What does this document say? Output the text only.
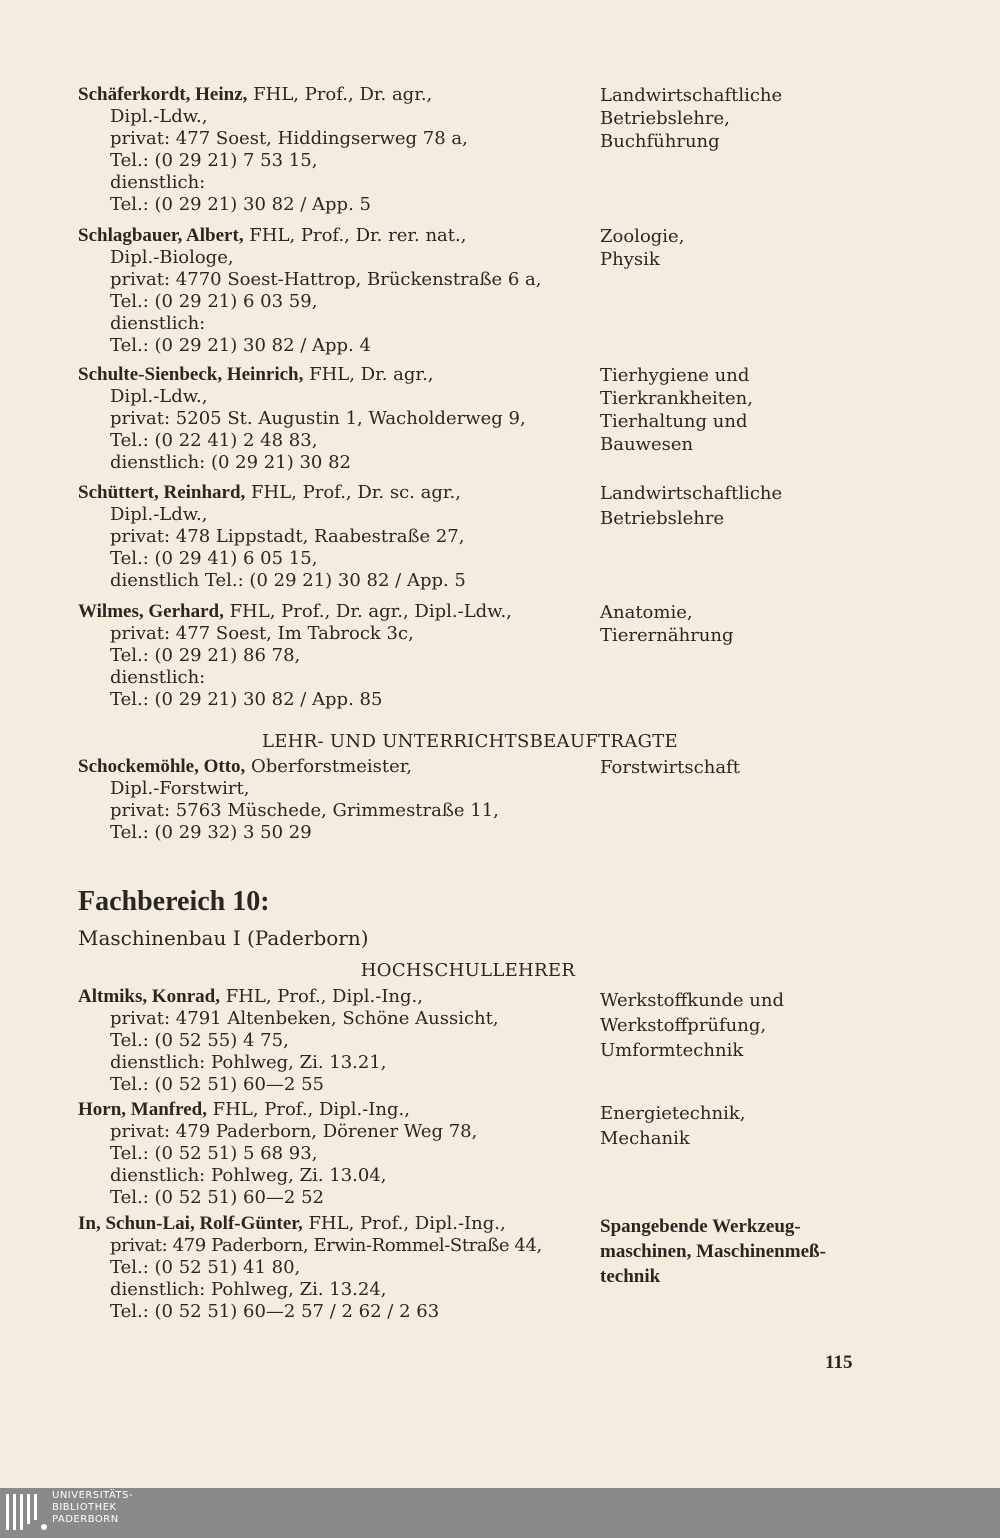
Schäferkordt, Heinz, FHL, Prof., Dr. agr.,
Dipl.-Ldw.,
privat: 477 Soest, Hiddingserweg 78 a,
Tel.: (0 29 21) 7 53 15,
dienstlich:
Tel.: (0 29 21) 30 82 / App. 5
Landwirtschaftliche
Betriebslehre,
Buchführung
Schlagbauer, Albert, FHL, Prof., Dr. rer. nat.,
Dipl.-Biologe,
privat: 4770 Soest-Hattrop, Brückenstraße 6 a,
Tel.: (0 29 21) 6 03 59,
dienstlich:
Tel.: (0 29 21) 30 82 / App. 4
Zoologie,
Physik
Schulte-Sienbeck, Heinrich, FHL, Dr. agr.,
Dipl.-Ldw.,
privat: 5205 St. Augustin 1, Wacholderweg 9,
Tel.: (0 22 41) 2 48 83,
dienstlich: (0 29 21) 30 82
Tierhygiene und
Tierkrankheiten,
Tierhaltung und
Bauwesen
Schüttert, Reinhard, FHL, Prof., Dr. sc. agr.,
Dipl.-Ldw.,
privat: 478 Lippstadt, Raabestraße 27,
Tel.: (0 29 41) 6 05 15,
dienstlich Tel.: (0 29 21) 30 82 / App. 5
Landwirtschaftliche
Betriebslehre
Wilmes, Gerhard, FHL, Prof., Dr. agr., Dipl.-Ldw.,
privat: 477 Soest, Im Tabrock 3c,
Tel.: (0 29 21) 86 78,
dienstlich:
Tel.: (0 29 21) 30 82 / App. 85
Anatomie,
Tierernährung
LEHR- UND UNTERRICHTSBEAUFTRAGTE
Schockemöhle, Otto, Oberforstmeister,
Dipl.-Forstwirt,
privat: 5763 Müschede, Grimmestraße 11,
Tel.: (0 29 32) 3 50 29
Forstwirtschaft
Fachbereich 10:
Maschinenbau I (Paderborn)
HOCHSCHULLEHRER
Altmiks, Konrad, FHL, Prof., Dipl.-Ing.,
privat: 4791 Altenbeken, Schöne Aussicht,
Tel.: (0 52 55) 4 75,
dienstlich: Pohlweg, Zi. 13.21,
Tel.: (0 52 51) 60—2 55
Werkstoffkunde und
Werkstoffprüfung,
Umformtechnik
Horn, Manfred, FHL, Prof., Dipl.-Ing.,
privat: 479 Paderborn, Dörener Weg 78,
Tel.: (0 52 51) 5 68 93,
dienstlich: Pohlweg, Zi. 13.04,
Tel.: (0 52 51) 60—2 52
Energietechnik,
Mechanik
In, Schun-Lai, Rolf-Günter, FHL, Prof., Dipl.-Ing.,
privat: 479 Paderborn, Erwin-Rommel-Straße 44,
Tel.: (0 52 51) 41 80,
dienstlich: Pohlweg, Zi. 13.24,
Tel.: (0 52 51) 60—2 57 / 2 62 / 2 63
Spangebende Werkzeug-
maschinen, Maschinenmeß-
technik
115
UNIVERSITÄTS-
BIBLIOTHEK
PADERBORN
